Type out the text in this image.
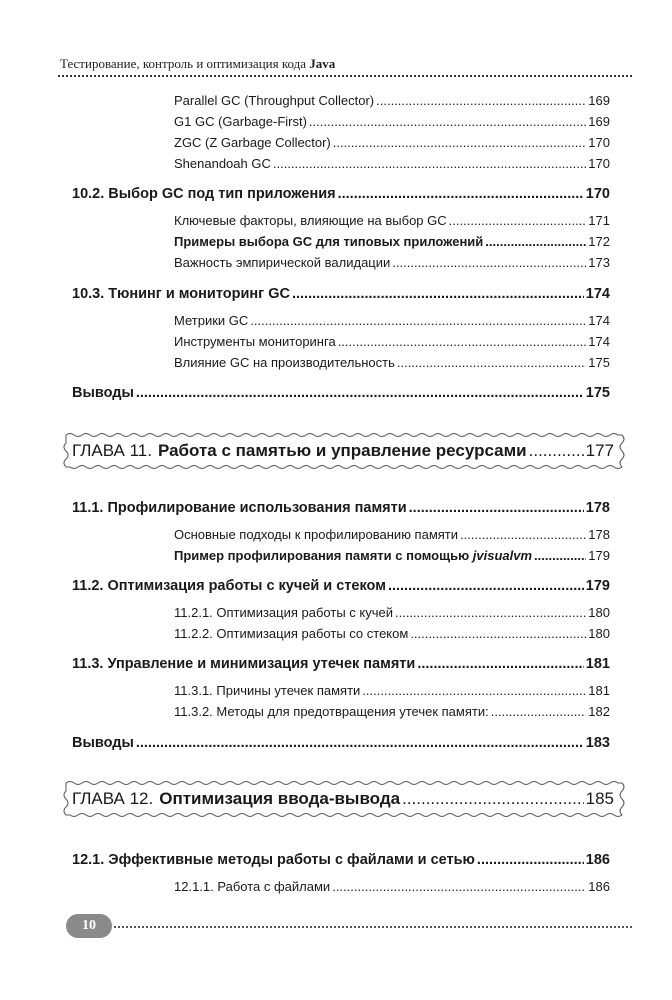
Тестирование, контроль и оптимизация кода Java
Parallel GC (Throughput Collector) .....	169
G1 GC (Garbage-First) .....	169
ZGC (Z Garbage Collector) .....	170
Shenandoah GC .....	170
10.2. Выбор GC под тип приложения .....	170
Ключевые факторы, влияющие на выбор GC .....	171
Примеры выбора GC для типовых приложений .....	172
Важность эмпирической валидации .....	173
10.3. Тюнинг и мониторинг GC .....	174
Метрики GC .....	174
Инструменты мониторинга .....	174
Влияние GC на производительность .....	175
Выводы .....	175
ГЛАВА 11. Работа с памятью и управление ресурсами .....	177
11.1. Профилирование использования памяти .....	178
Основные подходы к профилированию памяти .....	178
Пример профилирования памяти с помощью jvisualvm .....	179
11.2. Оптимизация работы с кучей и стеком .....	179
11.2.1. Оптимизация работы с кучей .....	180
11.2.2. Оптимизация работы со стеком .....	180
11.3. Управление и минимизация утечек памяти .....	181
11.3.1. Причины утечек памяти .....	181
11.3.2. Методы для предотвращения утечек памяти: .....	182
Выводы .....	183
ГЛАВА 12. Оптимизация ввода-вывода .....	185
12.1. Эффективные методы работы с файлами и сетью .....	186
12.1.1. Работа с файлами .....	186
10
